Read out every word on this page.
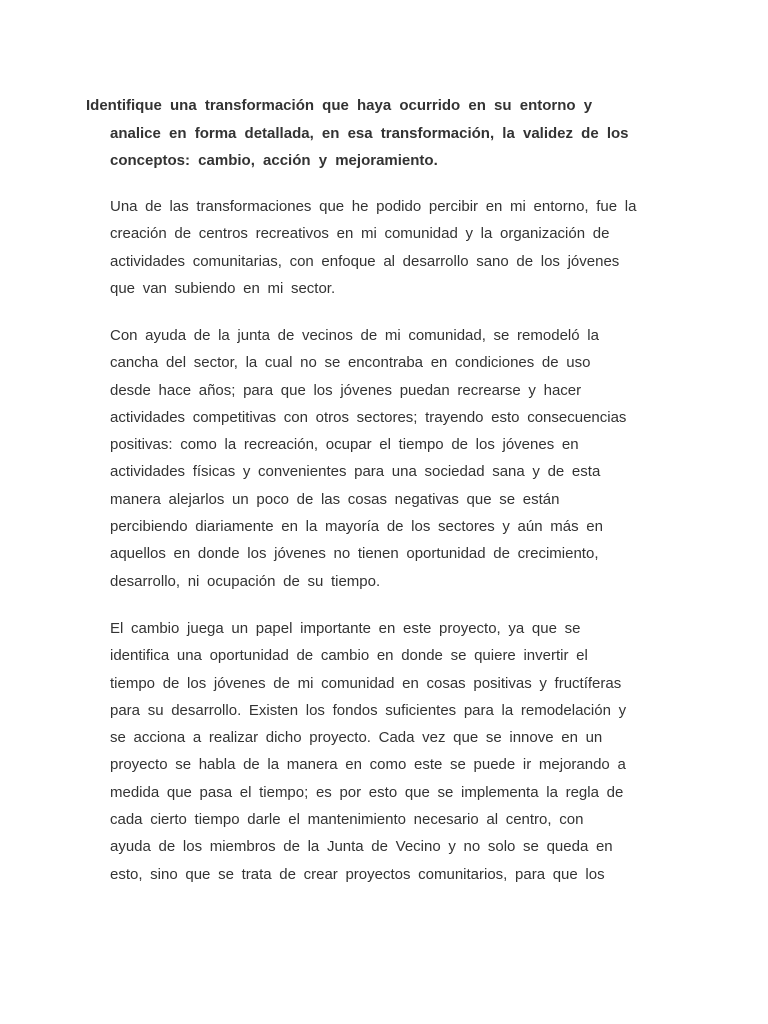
Identifique una transformación que haya ocurrido en su entorno y
analice en forma detallada, en esa transformación, la validez de los
conceptos: cambio, acción y mejoramiento.

Una de las transformaciones que he podido percibir en mi entorno, fue la
creación de centros recreativos en mi comunidad y la organización de
actividades comunitarias, con enfoque al desarrollo sano de los jóvenes
que van subiendo en mi sector.

Con ayuda de la junta de vecinos de mi comunidad, se remodeló la
cancha del sector, la cual no se encontraba en condiciones de uso
desde hace años; para que los jóvenes puedan recrearse y hacer
actividades competitivas con otros sectores; trayendo esto consecuencias
positivas: como la recreación, ocupar el tiempo de los jóvenes en
actividades físicas y convenientes para una sociedad sana y de esta
manera alejarlos un poco de las cosas negativas que se están
percibiendo diariamente en la mayoría de los sectores y aún más en
aquellos en donde los jóvenes no tienen oportunidad de crecimiento,
desarrollo, ni ocupación de su tiempo.

El cambio juega un papel importante en este proyecto, ya que se
identifica una oportunidad de cambio en donde se quiere invertir el
tiempo de los jóvenes de mi comunidad en cosas positivas y fructíferas
para su desarrollo. Existen los fondos suficientes para la remodelación y
se acciona a realizar dicho proyecto. Cada vez que se innove en un
proyecto se habla de la manera en como este se puede ir mejorando a
medida que pasa el tiempo; es por esto que se implementa la regla de
cada cierto tiempo darle el mantenimiento necesario al centro, con
ayuda de los miembros de la Junta de Vecino y no solo se queda en
esto, sino que se trata de crear proyectos comunitarios, para que los
